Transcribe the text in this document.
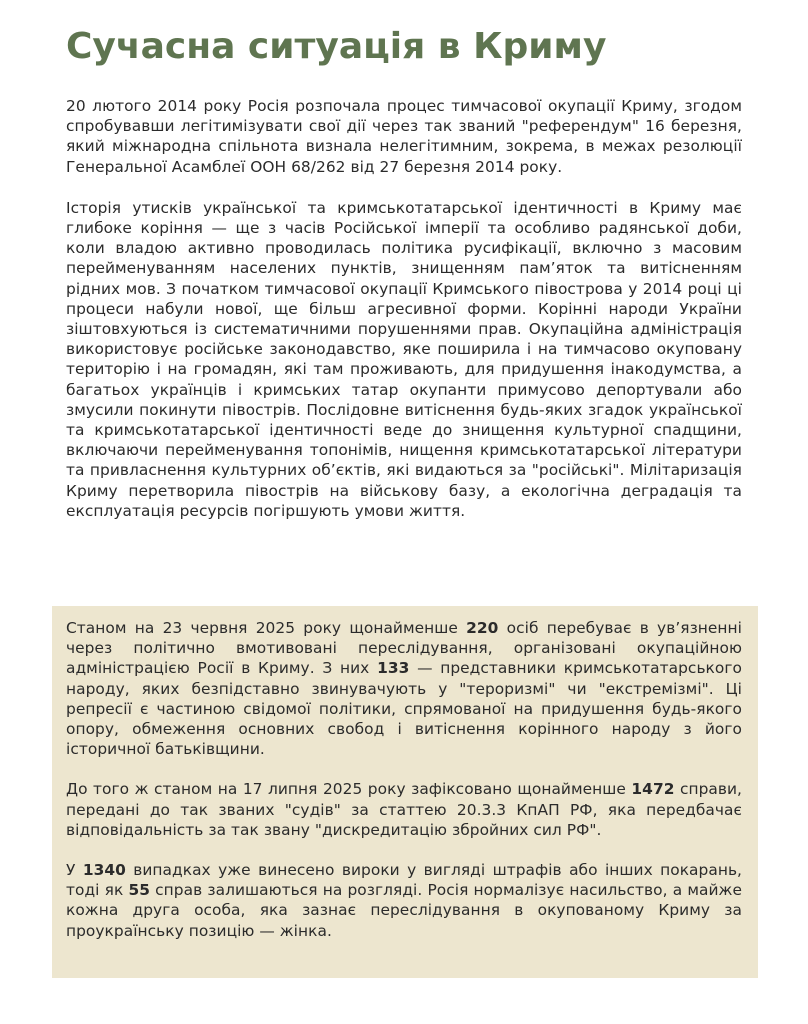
Сучасна ситуація в Криму

20 лютого 2014 року Росія розпочала процес тимчасової окупації Криму, згодом спробувавши легітимізувати свої дії через так званий "референдум" 16 березня, який міжнародна спільнота визнала нелегітимним, зокрема, в межах резолюції Генеральної Асамблеї ООН 68/262 від 27 березня 2014 року.

Історія утисків української та кримськотатарської ідентичності в Криму має глибоке коріння — ще з часів Російської імперії та особливо радянської доби, коли владою активно проводилась політика русифікації, включно з масовим перейменуванням населених пунктів, знищенням пам’яток та витісненням рідних мов. З початком тимчасової окупації Кримського півострова у 2014 році ці процеси набули нової, ще більш агресивної форми. Корінні народи України зіштовхуються із систематичними порушеннями прав. Окупаційна адміністрація використовує російське законодавство, яке поширила і на тимчасово окуповану територію і на громадян, які там проживають, для придушення інакодумства, а багатьох українців і кримських татар окупанти примусово депортували або змусили покинути півострів. Послідовне витіснення будь-яких згадок української та кримськотатарської ідентичності веде до знищення культурної спадщини, включаючи перейменування топонімів, нищення кримськотатарської літератури та привласнення культурних об’єктів, які видаються за "російські". Мілітаризація Криму перетворила півострів на військову базу, а екологічна деградація та експлуатація ресурсів погіршують умови життя.

Станом на 23 червня 2025 року щонайменше 220 осіб перебуває в ув’язненні через політично вмотивовані переслідування, організовані окупаційною адміністрацією Росії в Криму. З них 133 — представники кримськотатарського народу, яких безпідставно звинувачують у "тероризмі" чи "екстремізмі". Ці репресії є частиною свідомої політики, спрямованої на придушення будь-якого опору, обмеження основних свобод і витіснення корінного народу з його історичної батьківщини.

До того ж станом на 17 липня 2025 року зафіксовано щонайменше 1472 справи, передані до так званих "судів" за статтею 20.3.3 КпАП РФ, яка передбачає відповідальність за так звану "дискредитацію збройних сил РФ".

У 1340 випадках уже винесено вироки у вигляді штрафів або інших покарань, тоді як 55 справ залишаються на розгляді. Росія нормалізує насильство, а майже кожна друга особа, яка зазнає переслідування в окупованому Криму за проукраїнську позицію — жінка.
